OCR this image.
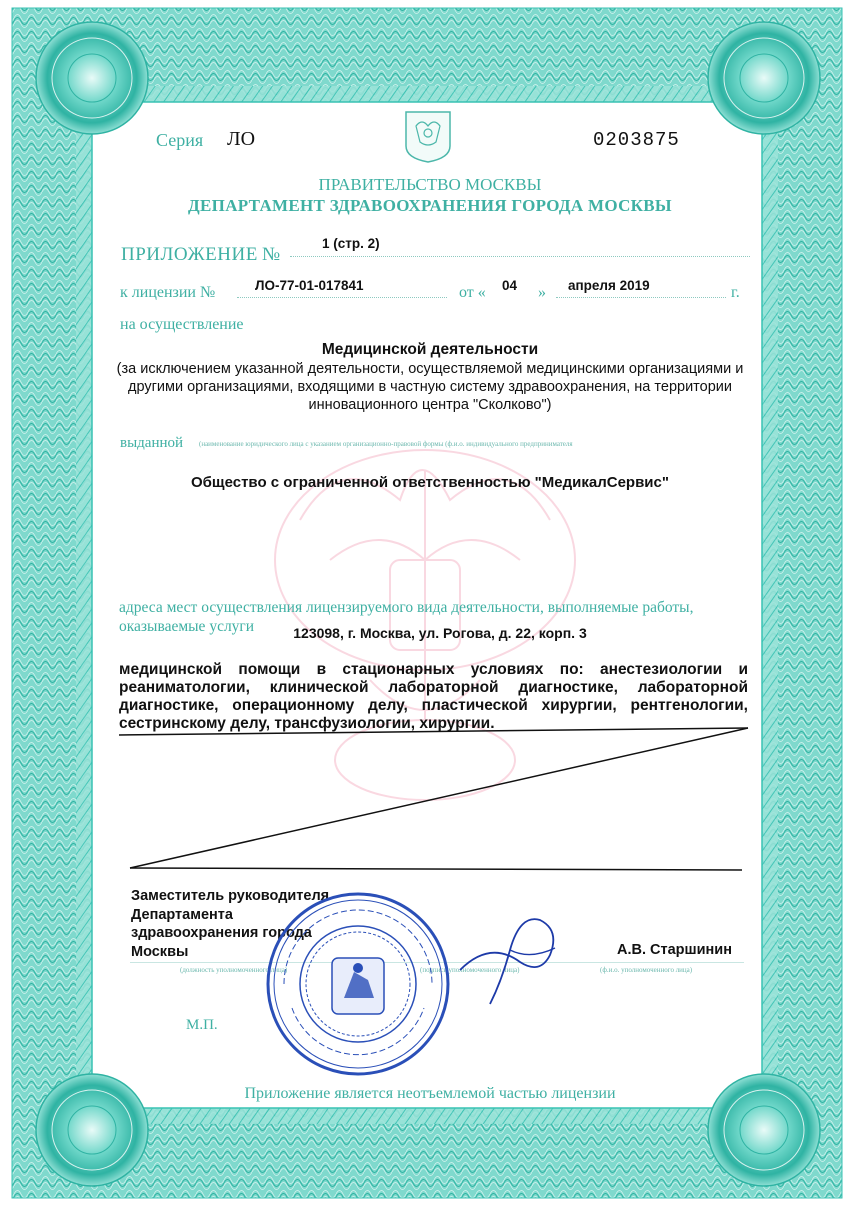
Серия ЛО	0203875
ПРАВИТЕЛЬСТВО МОСКВЫ
ДЕПАРТАМЕНТ ЗДРАВООХРАНЕНИЯ ГОРОДА МОСКВЫ
ПРИЛОЖЕНИЕ №
1 (стр. 2)
к лицензии №	ЛО-77-01-017841	от « 04 » апреля 2019	г.
на осуществление
Медицинской деятельности
(за исключением указанной деятельности, осуществляемой медицинскими организациями и другими организациями, входящими в частную систему здравоохранения, на территории инновационного центра "Сколково")
выданной (наименование юридического лица с указанием организационно-правовой формы (ф.и.о. индивидуального предпринимателя
Общество с ограниченной ответственностью "МедикалСервис"
адреса мест осуществления лицензируемого вида деятельности, выполняемые работы, оказываемые услуги	123098, г. Москва, ул. Рогова, д. 22, корп. 3

медицинской помощи в стационарных условиях по: анестезиологии и реаниматологии, клинической лабораторной диагностике, лабораторной диагностике, операционному делу, пластической хирургии, рентгенологии, сестринскому делу, трансфузиологии, хирургии.

Заместитель руководителя
Департамента
здравоохранения города
Москвы	А.В. Старшинин
(должность уполномоченного лица)	(подпись уполномоченного лица)	(ф.и.о. уполномоченного лица)
М.П.
Приложение является неотъемлемой частью лицензии
